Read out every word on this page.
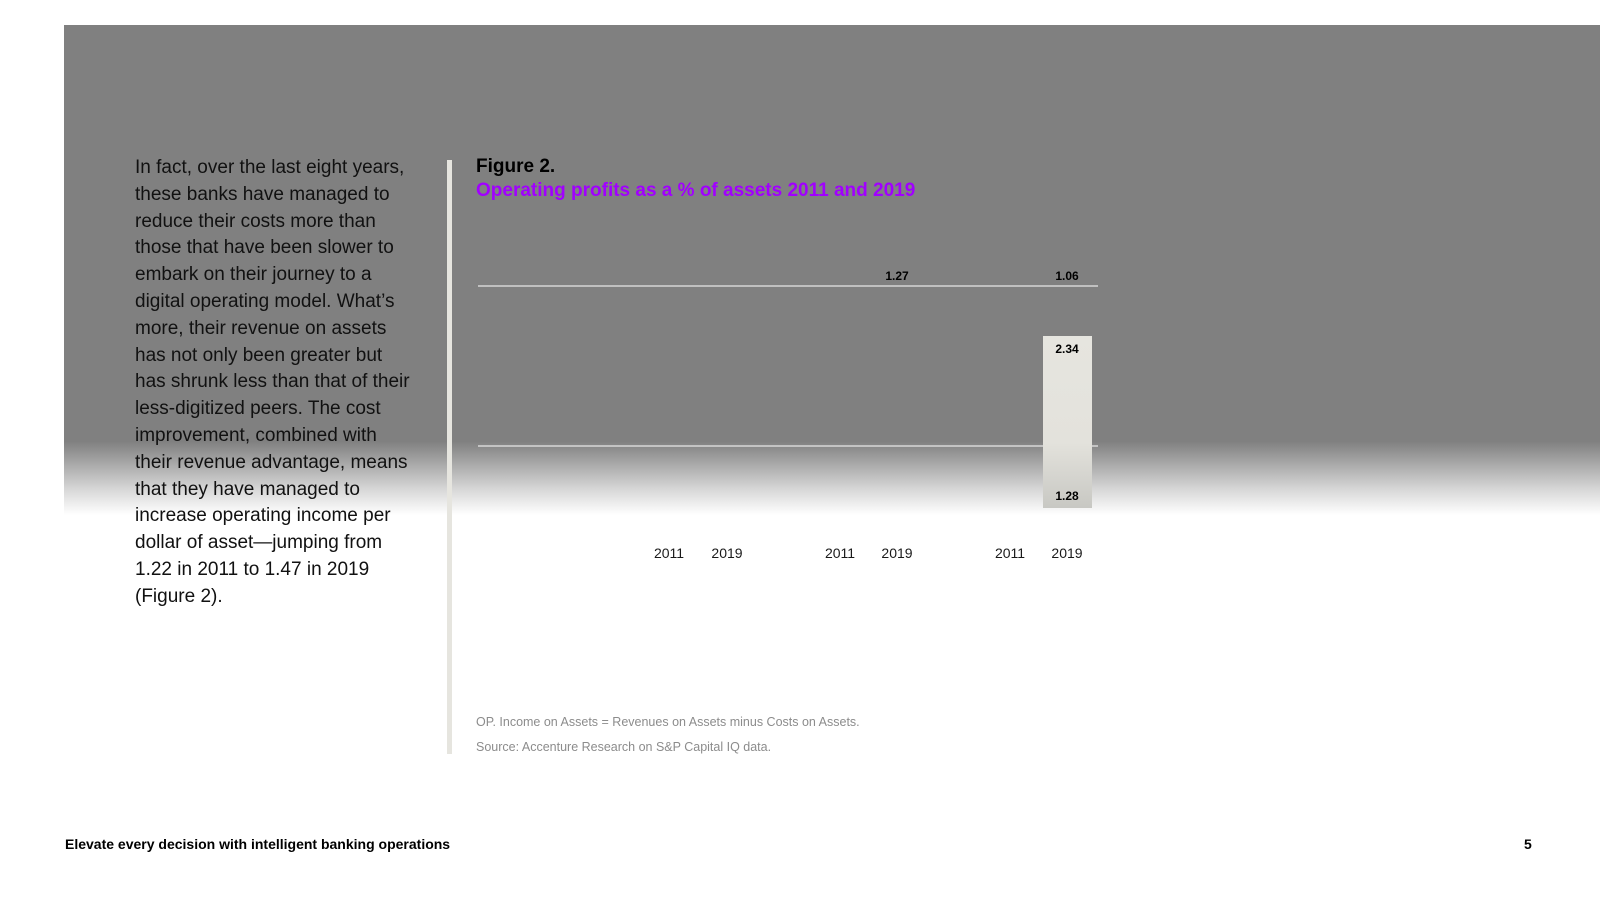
In fact, over the last eight years, these banks have managed to reduce their costs more than those that have been slower to embark on their journey to a digital operating model. What’s more, their revenue on assets has not only been greater but has shrunk less than that of their less-digitized peers. The cost improvement, combined with their revenue advantage, means that they have managed to increase operating income per dollar of asset—jumping from 1.22 in 2011 to 1.47 in 2019 (Figure 2).
Figure 2.
Operating profits as a % of assets 2011 and 2019
2011 2019	2011 2019	2011 2019
1.27	1.06
2.34
1.28
OP. Income on Assets = Revenues on Assets minus Costs on Assets.
Source: Accenture Research on S&P Capital IQ data.
Elevate every decision with intelligent banking operations	5
